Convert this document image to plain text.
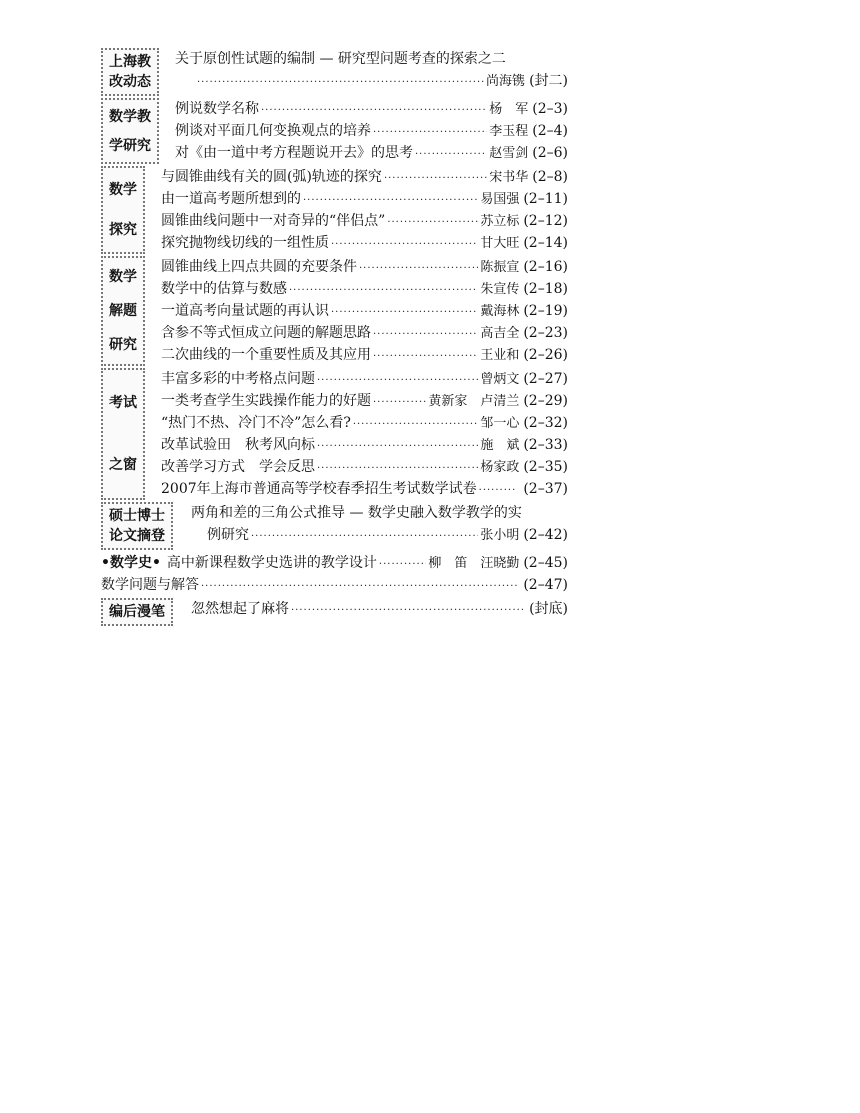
上海教
改动态
关于原创性试题的编制 — 研究型问题考查的探索之二
·····
尚海镌 (封二)
数学教
学研究
例说数学名称 ·····	杨　军 (2–3)
例谈对平面几何变换观点的培养 ·····	李玉程 (2–4)
对《由一道中考方程题说开去》的思考 ·····	赵雪剑 (2–6)
数学
探究
与圆锥曲线有关的圆(弧)轨迹的探究 ·····	宋书华 (2–8)
由一道高考题所想到的 ·····	易国强 (2–11)
圆锥曲线问题中一对奇异的“伴侣点” ·····	苏立标 (2–12)
探究抛物线切线的一组性质 ·····	甘大旺 (2–14)
数学
解题
研究
圆锥曲线上四点共圆的充要条件 ·····	陈振宣 (2–16)
数学中的估算与数感 ·····	朱宣传 (2–18)
一道高考向量试题的再认识 ·····	戴海林 (2–19)
含参不等式恒成立问题的解题思路 ·····	高吉全 (2–23)
二次曲线的一个重要性质及其应用 ·····	王业和 (2–26)
考试
之窗
丰富多彩的中考格点问题 ·····	曾炳文 (2–27)
一类考查学生实践操作能力的好题 ·····	黄新家　卢清兰 (2–29)
“热门不热、冷门不冷”怎么看? ·····	邹一心 (2–32)
改革试验田　秋考风向标 ·····	施　斌 (2–33)
改善学习方式　学会反思 ·····	杨家政 (2–35)
2007年上海市普通高等学校春季招生考试数学试卷 ·····	(2–37)
硕士博士
论文摘登
两角和差的三角公式推导 — 数学史融入数学教学的实
例研究 ·····	张小明 (2–42)
•数学史• 高中新课程数学史选讲的教学设计 ·····	柳　笛　汪晓勤 (2–45)
数学问题与解答 ·····	(2–47)
编后漫笔 忽然想起了麻将 ·····	(封底)
